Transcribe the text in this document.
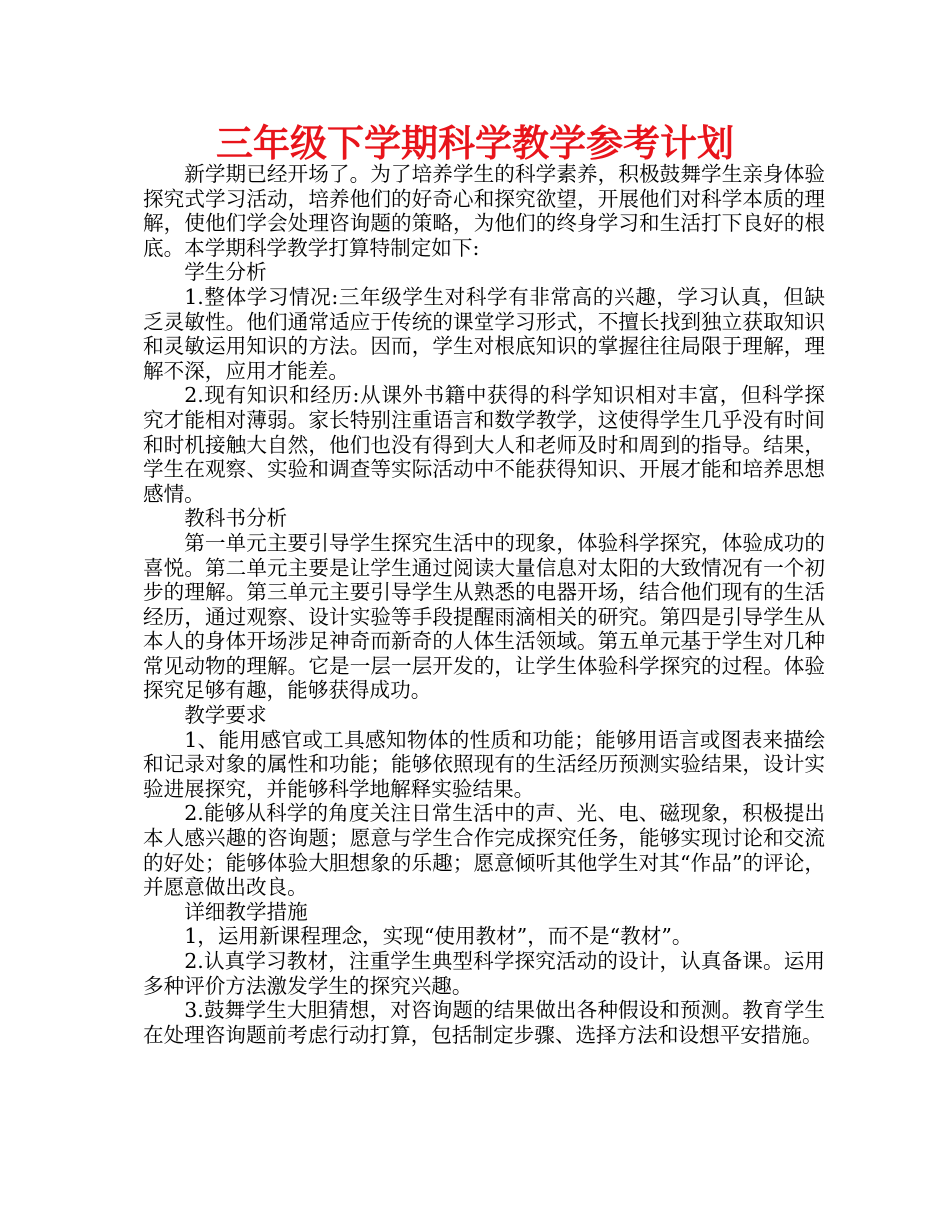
三年级下学期科学教学参考计划

新学期已经开场了。为了培养学生的科学素养，积极鼓舞学生亲身体验探究式学习活动，培养他们的好奇心和探究欲望，开展他们对科学本质的理解，使他们学会处理咨询题的策略，为他们的终身学习和生活打下良好的根底。本学期科学教学打算特制定如下:

学生分析

1.整体学习情况:三年级学生对科学有非常高的兴趣，学习认真，但缺乏灵敏性。他们通常适应于传统的课堂学习形式，不擅长找到独立获取知识和灵敏运用知识的方法。因而，学生对根底知识的掌握往往局限于理解，理解不深，应用才能差。

2.现有知识和经历:从课外书籍中获得的科学知识相对丰富，但科学探究才能相对薄弱。家长特别注重语言和数学教学，这使得学生几乎没有时间和时机接触大自然，他们也没有得到大人和老师及时和周到的指导。结果，学生在观察、实验和调查等实际活动中不能获得知识、开展才能和培养思想感情。

教科书分析

第一单元主要引导学生探究生活中的现象，体验科学探究，体验成功的喜悦。第二单元主要是让学生通过阅读大量信息对太阳的大致情况有一个初步的理解。第三单元主要引导学生从熟悉的电器开场，结合他们现有的生活经历，通过观察、设计实验等手段提醒雨滴相关的研究。第四是引导学生从本人的身体开场涉足神奇而新奇的人体生活领域。第五单元基于学生对几种常见动物的理解。它是一层一层开发的，让学生体验科学探究的过程。体验探究足够有趣，能够获得成功。

教学要求

1、能用感官或工具感知物体的性质和功能；能够用语言或图表来描绘和记录对象的属性和功能；能够依照现有的生活经历预测实验结果，设计实验进展探究，并能够科学地解释实验结果。

2.能够从科学的角度关注日常生活中的声、光、电、磁现象，积极提出本人感兴趣的咨询题；愿意与学生合作完成探究任务，能够实现讨论和交流的好处；能够体验大胆想象的乐趣；愿意倾听其他学生对其“作品”的评论，并愿意做出改良。

详细教学措施

1，运用新课程理念，实现“使用教材”，而不是“教材”。

2.认真学习教材，注重学生典型科学探究活动的设计，认真备课。运用多种评价方法激发学生的探究兴趣。

3.鼓舞学生大胆猜想，对咨询题的结果做出各种假设和预测。教育学生在处理咨询题前考虑行动打算，包括制定步骤、选择方法和设想平安措施。
